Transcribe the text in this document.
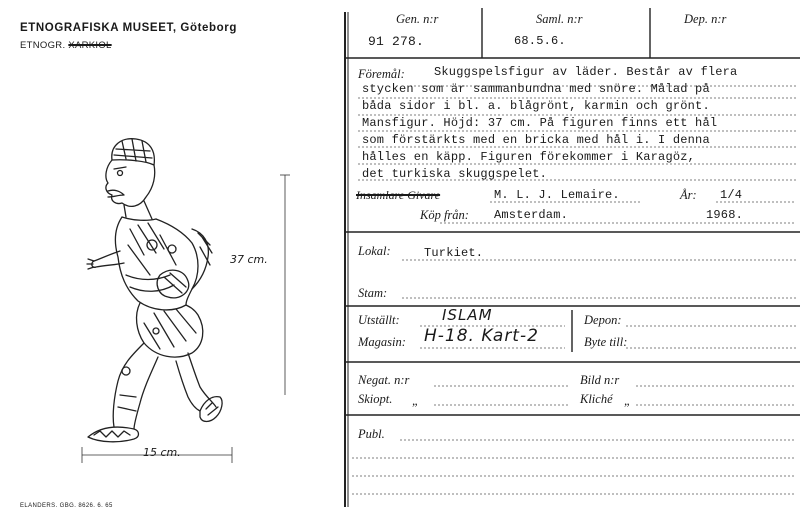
ETNOGRAFISKA MUSEET, Göteborg
ETNOGR. XARKIOL
37 cm.
15 cm.
ELANDERS. GBG. 8626. 6. 65
Gen. n:r	Saml. n:r	Dep. n:r
91 278.	68.5.6.
Föremål: Skuggspelsfigur av läder. Består av flera
stycken som är sammanbundna med snöre. Målad på
båda sidor i bl. a. blågrönt, karmin och grönt.
Mansfigur. Höjd: 37 cm. På figuren finns ett hål
som förstärkts med en bricka med hål i. I denna
hålles en käpp. Figuren förekommer i Karagöz,
det turkiska skuggspelet.
Insamlare Givare	M. L. J. Lemaire.	År: 1/4
Köp från: Amsterdam.	1968.
Lokal:	Turkiet.
Stam:
Utställt:	ISLAM
Magasin: H-18. Kart-2
Depon:
Byte till:
Negat. n:r	Bild n:r
Skiopt. „	Kliché „
Publ.
